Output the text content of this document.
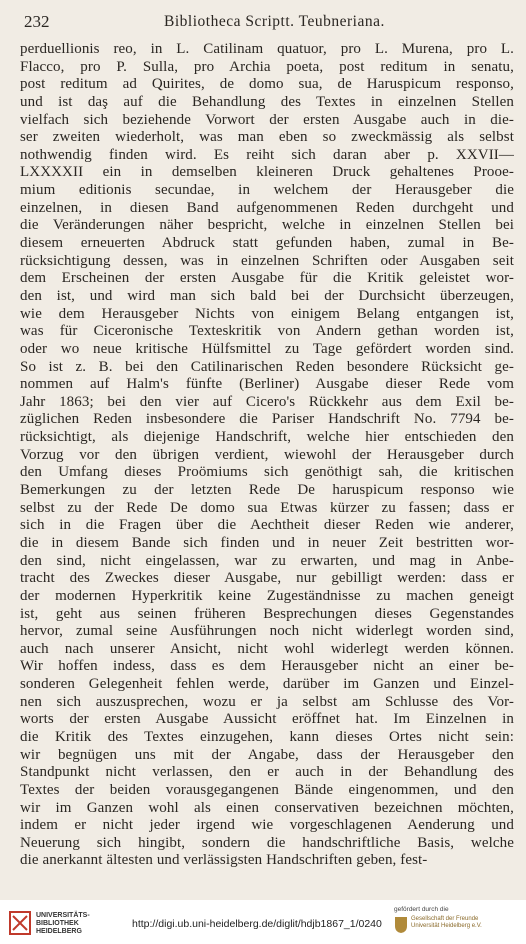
232	Bibliotheca Scriptt. Teubneriana.
perduellionis reo, in L. Catilinam quatuor, pro L. Murena, pro L.
Flacco, pro P. Sulla, pro Archia poeta, post reditum in senatu,
post reditum ad Quirites, de domo sua, de Haruspicum responso,
und ist daş auf die Behandlung des Textes in einzelnen Stellen
vielfach sich beziehende Vorwort der ersten Ausgabe auch in die-
ser zweiten wiederholt, was man eben so zweckmässig als selbst
nothwendig finden wird. Es reiht sich daran aber p. XXVII—
LXXXXII ein in demselben kleineren Druck gehaltenes Prooe-
mium editionis secundae, in welchem der Herausgeber die
einzelnen, in diesen Band aufgenommenen Reden durchgeht und
die Veränderungen näher bespricht, welche in einzelnen Stellen bei
diesem erneuerten Abdruck statt gefunden haben, zumal in Be-
rücksichtigung dessen, was in einzelnen Schriften oder Ausgaben seit
dem Erscheinen der ersten Ausgabe für die Kritik geleistet wor-
den ist, und wird man sich bald bei der Durchsicht überzeugen,
wie dem Herausgeber Nichts von einigem Belang entgangen ist,
was für Ciceronische Texteskritik von Andern gethan worden ist,
oder wo neue kritische Hülfsmittel zu Tage gefördert worden sind.
So ist z. B. bei den Catilinarischen Reden besondere Rücksicht ge-
nommen auf Halm's fünfte (Berliner) Ausgabe dieser Rede vom
Jahr 1863; bei den vier auf Cicero's Rückkehr aus dem Exil be-
züglichen Reden insbesondere die Pariser Handschrift No. 7794 be-
rücksichtigt, als diejenige Handschrift, welche hier entschieden den
Vorzug vor den übrigen verdient, wiewohl der Herausgeber durch
den Umfang dieses Proömiums sich genöthigt sah, die kritischen
Bemerkungen zu der letzten Rede De haruspicum responso wie
selbst zu der Rede De domo sua Etwas kürzer zu fassen; dass er
sich in die Fragen über die Aechtheit dieser Reden wie anderer,
die in diesem Bande sich finden und in neuer Zeit bestritten wor-
den sind, nicht eingelassen, war zu erwarten, und mag in Anbe-
tracht des Zweckes dieser Ausgabe, nur gebilligt werden: dass er
der modernen Hyperkritik keine Zugeständnisse zu machen geneigt
ist, geht aus seinen früheren Besprechungen dieses Gegenstandes
hervor, zumal seine Ausführungen noch nicht widerlegt worden sind,
auch nach unserer Ansicht, nicht wohl widerlegt werden können.
Wir hoffen indess, dass es dem Herausgeber nicht an einer be-
sonderen Gelegenheit fehlen werde, darüber im Ganzen und Einzel-
nen sich auszusprechen, wozu er ja selbst am Schlusse des Vor-
worts der ersten Ausgabe Aussicht eröffnet hat. Im Einzelnen in
die Kritik des Textes einzugehen, kann dieses Ortes nicht sein:
wir begnügen uns mit der Angabe, dass der Herausgeber den
Standpunkt nicht verlassen, den er auch in der Behandlung des
Textes der beiden vorausgegangenen Bände eingenommen, und den
wir im Ganzen wohl als einen conservativen bezeichnen möchten,
indem er nicht jeder irgend wie vorgeschlagenen Aenderung und
Neuerung sich hingibt, sondern die handschriftliche Basis, welche
die anerkannt ältesten und verlässigsten Handschriften geben, fest-
UNIVERSITÄTS-
BIBLIOTHEK
HEIDELBERG
http://digi.ub.uni-heidelberg.de/diglit/hdjb1867_1/0240
gefördert durch die
Gesellschaft der Freunde
Universität Heidelberg e.V.
